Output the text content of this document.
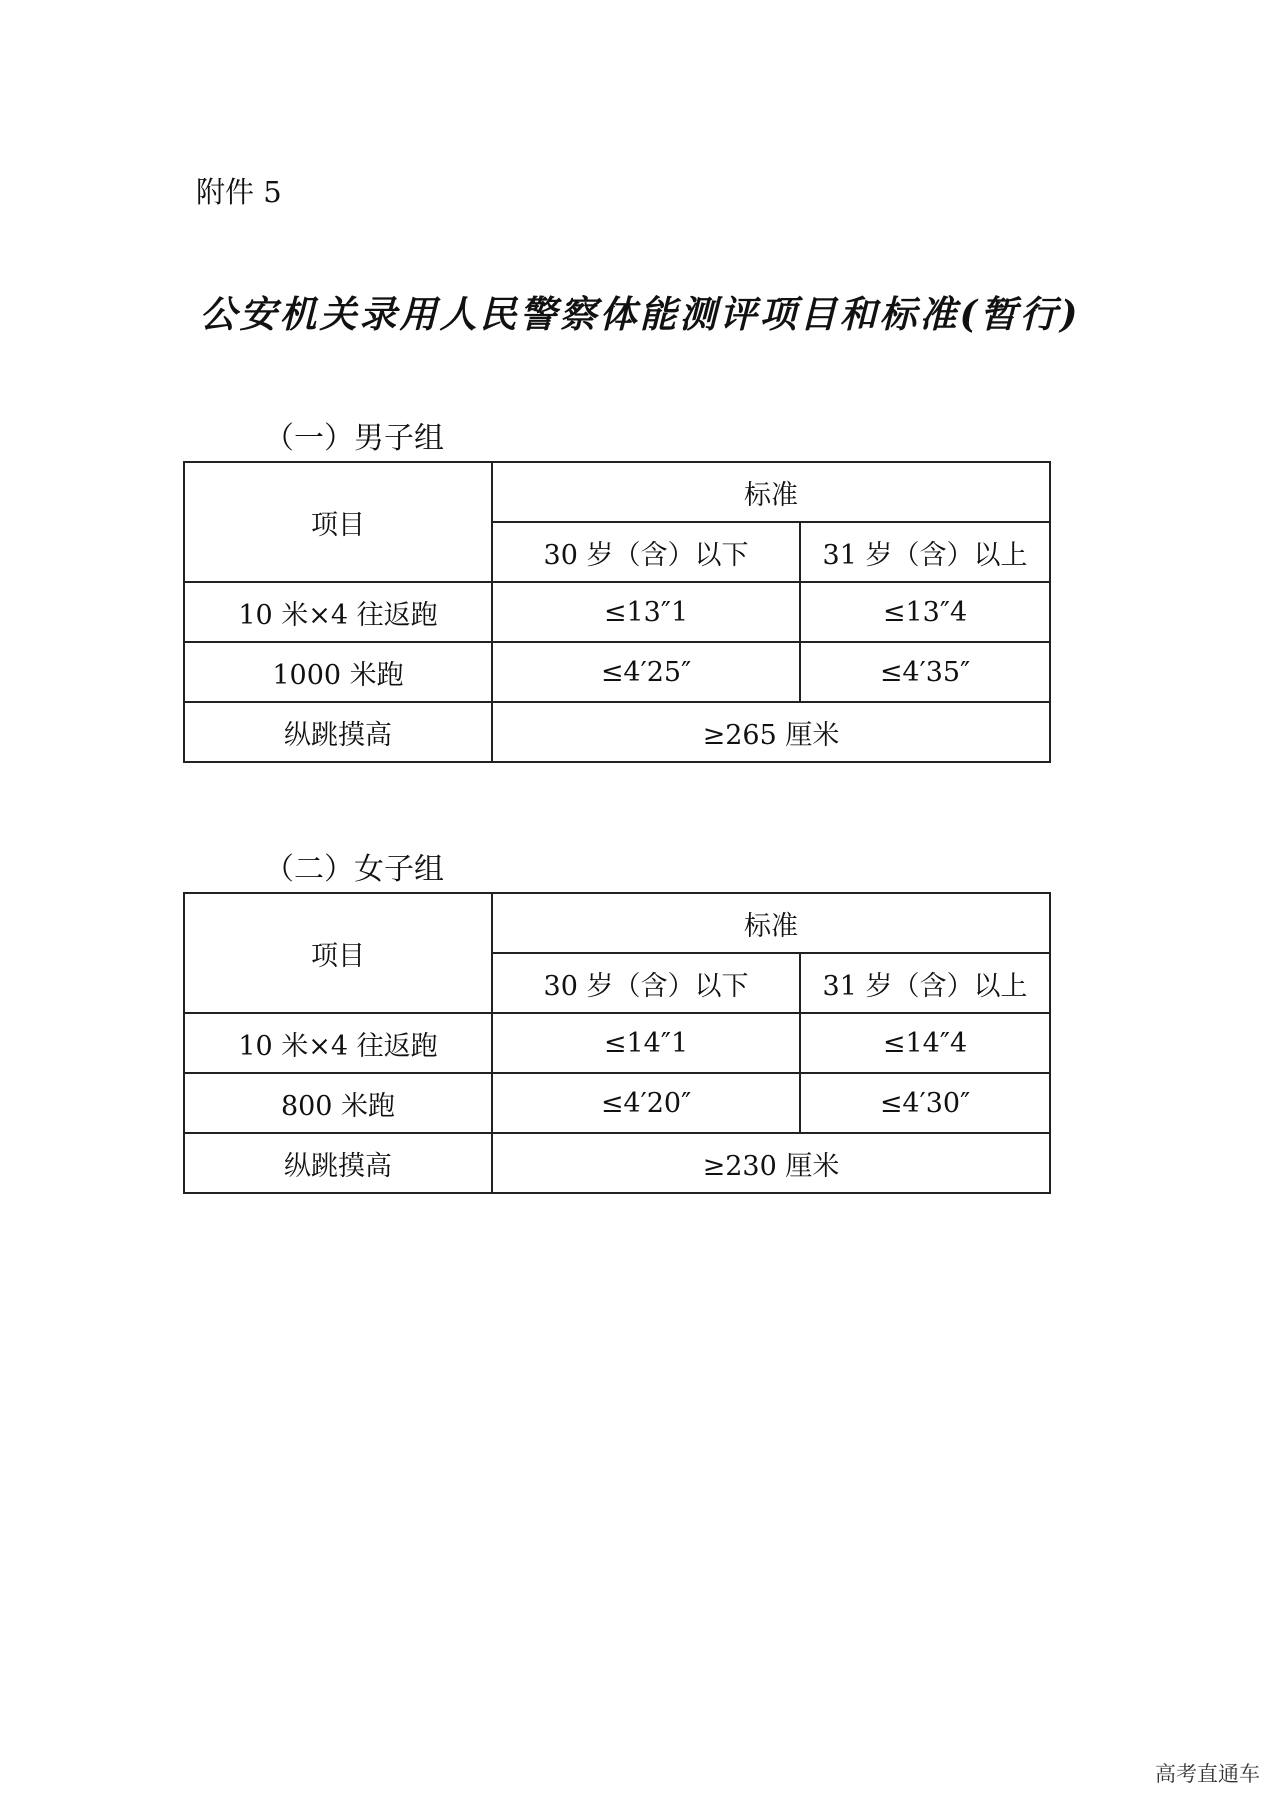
附件 5
公安机关录用人民警察体能测评项目和标准(暂行)
（一）男子组
项目	标准	
	30 岁（含）以下	31 岁（含）以上
10 米×4 往返跑	≤13″1	≤13″4
1000 米跑	≤4′25″	≤4′35″
纵跳摸高	≥265 厘米	
（二）女子组
项目	标准	
	30 岁（含）以下	31 岁（含）以上
10 米×4 往返跑	≤14″1	≤14″4
800 米跑	≤4′20″	≤4′30″
纵跳摸高	≥230 厘米	
高考直通车
